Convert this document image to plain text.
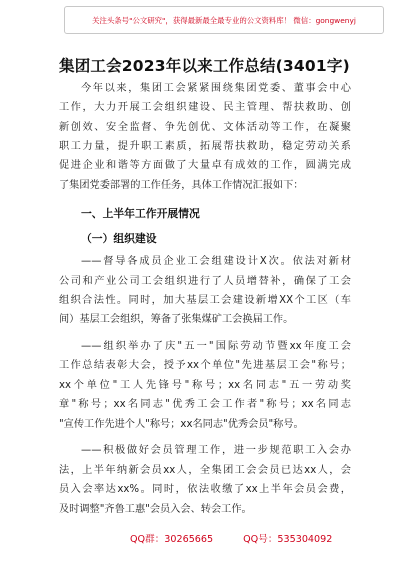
关注头条号"公文研究"，获得最新最全最专业的公文资料库！ 微信：gongwenyj
集团工会2023年以来工作总结(3401字)
今年以来，集团工会紧紧围绕集团党委、董事会中心
工作，大力开展工会组织建设、民主管理、帮扶救助、创
新创效、安全监督、争先创优、文体活动等工作，在凝聚
职工力量，提升职工素质，拓展帮扶救助，稳定劳动关系
促进企业和谐等方面做了大量卓有成效的工作，圆满完成
了集团党委部署的工作任务，具体工作情况汇报如下：
一、上半年工作开展情况
（一）组织建设
——督导各成员企业工会组建设计X次。依法对新材
公司和产业公司工会组织进行了人员增替补，确保了工会
组织合法性。同时，加大基层工会建设新增XX个工区（车
间）基层工会组织，筹备了张集煤矿工会换届工作。
——组织举办了庆"五一"国际劳动节暨xx年度工会
工作总结表彰大会，授予xx个单位"先进基层工会"称号；
xx个单位"工人先锋号"称号；xx名同志"五一劳动奖
章"称号；xx名同志"优秀工会工作者"称号；xx名同志
"宣传工作先进个人"称号；xx名同志"优秀会员"称号。
——积极做好会员管理工作，进一步规范职工入会办
法，上半年纳新会员xx人，全集团工会会员已达xx人，会
员入会率达xx%。同时，依法收缴了xx上半年会员会费，
及时调整"齐鲁工惠"会员入会、转会工作。
QQ群：30265665	QQ号：535304092
